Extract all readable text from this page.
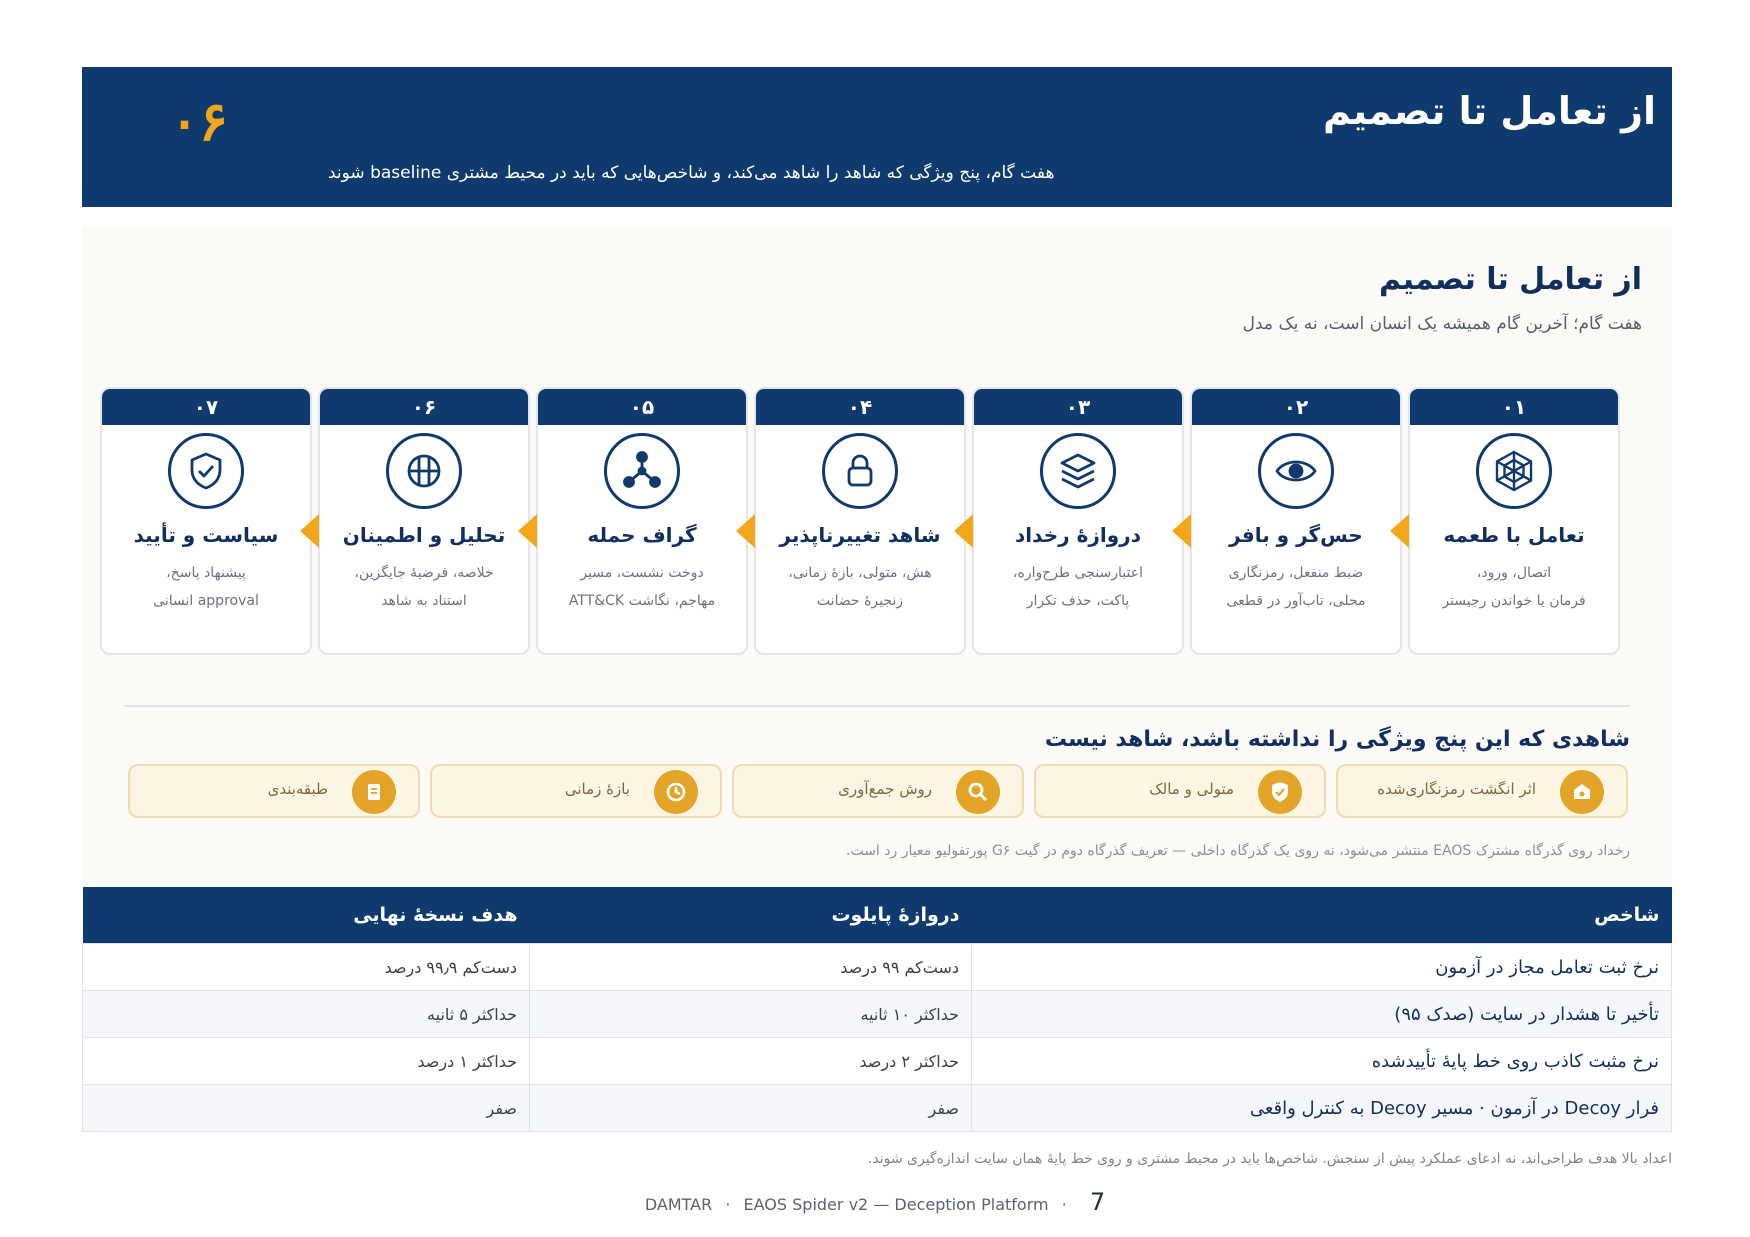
از تعامل تا تصمیم
۰۶
هفت گام، پنج ویژگی که شاهد را شاهد می‌کند، و شاخص‌هایی که باید در محیط مشتری baseline شوند
از تعامل تا تصمیم
هفت گام؛ آخرین گام همیشه یک انسان است، نه یک مدل
۰۱
تعامل با طعمه
اتصال، ورود،
فرمان یا خواندن رجیستر
۰۲
حس‌گر و بافر
ضبط منفعل، رمزنگاری
محلی، تاب‌آور در قطعی
۰۳
دروازهٔ رخداد
اعتبارسنجی طرح‌واره،
پاکت، حذف تکرار
۰۴
شاهد تغییرناپذیر
هش، متولی، بازهٔ زمانی،
زنجیرهٔ حضانت
۰۵
گراف حمله
دوخت نشست، مسیر
مهاجم، نگاشت ATT&CK
۰۶
تحلیل و اطمینان
خلاصه، فرضیهٔ جایگزین،
استناد به شاهد
۰۷
سیاست و تأیید
پیشنهاد پاسخ،
approval انسانی
شاهدی که این پنج ویژگی را نداشته باشد، شاهد نیست
اثر انگشت رمزنگاری‌شده
متولی و مالک
روش جمع‌آوری
بازهٔ زمانی
طبقه‌بندی
رخداد روی گذرگاه مشترک EAOS منتشر می‌شود، نه روی یک گذرگاه داخلی — تعریف گذرگاه دوم در گیت G۶ پورتفولیو معیار رد است.
شاخص	دروازهٔ پایلوت	هدف نسخهٔ نهایی
نرخ ثبت تعامل مجاز در آزمون	دست‌کم ۹۹ درصد	دست‌کم ۹۹٫۹ درصد
تأخیر تا هشدار در سایت (صدک ۹۵)	حداکثر ۱۰ ثانیه	حداکثر ۵ ثانیه
نرخ مثبت کاذب روی خط پایهٔ تأییدشده	حداکثر ۲ درصد	حداکثر ۱ درصد
فرار Decoy در آزمون · مسیر Decoy به کنترل واقعی	صفر	صفر
اعداد بالا هدف طراحی‌اند، نه ادعای عملکرد پیش از سنجش. شاخص‌ها باید در محیط مشتری و روی خط پایهٔ همان سایت اندازه‌گیری شوند.
DAMTAR · EAOS Spider v2 — Deception Platform · 7
